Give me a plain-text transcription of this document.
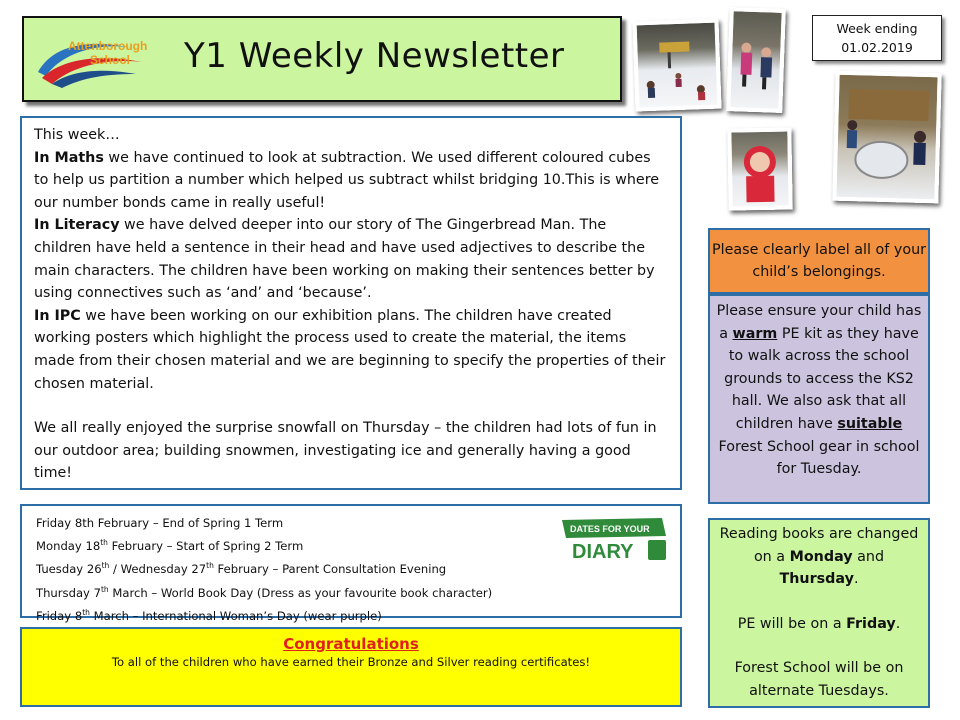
Attenborough
School Y1 Weekly Newsletter
Week ending
01.02.2019

This week…

In Maths we have continued to look at subtraction. We used different coloured cubes to help us partition a number which helped us subtract whilst bridging 10.This is where our number bonds came in really useful!

In Literacy we have delved deeper into our story of The Gingerbread Man. The children have held a sentence in their head and have used adjectives to describe the main characters. The children have been working on making their sentences better by using connectives such as ‘and’ and ‘because’.

In IPC we have been working on our exhibition plans. The children have created working posters which highlight the process used to create the material, the items made from their chosen material and we are beginning to specify the properties of their chosen material.

We all really enjoyed the surprise snowfall on Thursday – the children had lots of fun in our outdoor area; building snowmen, investigating ice and generally having a good time!

Friday 8th February – End of Spring 1 Term
Monday 18th February – Start of Spring 2 Term
Tuesday 26th / Wednesday 27th February – Parent Consultation Evening
Thursday 7th March – World Book Day (Dress as your favourite book character)
Friday 8th March – International Woman’s Day (wear purple)
DATES FOR YOUR
DIARY
Congratulations
To all of the children who have earned their Bronze and Silver reading certificates!
Please clearly label all of your child’s belongings.
Please ensure your child has a warm PE kit as they have to walk across the school grounds to access the KS2 hall. We also ask that all children have suitable Forest School gear in school for Tuesday.

Reading books are changed on a Monday and Thursday.

PE will be on a Friday.

Forest School will be on alternate Tuesdays.
